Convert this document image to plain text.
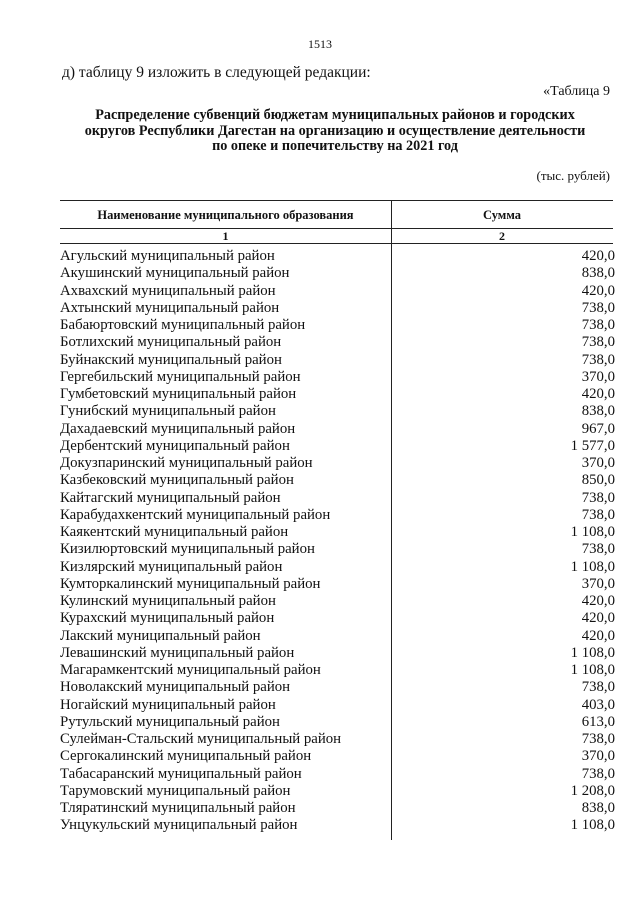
1513
д) таблицу 9 изложить в следующей редакции:
«Таблица 9
Распределение субвенций бюджетам муниципальных районов и городских
округов Республики Дагестан на организацию и осуществление деятельности
по опеке и попечительству на 2021 год
(тыс. рублей)
Наименование муниципального образования	Сумма
1	2
Агульский муниципальный район	420,0
Акушинский муниципальный район	838,0
Ахвахский муниципальный район	420,0
Ахтынский муниципальный район	738,0
Бабаюртовский муниципальный район	738,0
Ботлихский муниципальный район	738,0
Буйнакский муниципальный район	738,0
Гергебильский муниципальный район	370,0
Гумбетовский муниципальный район	420,0
Гунибский муниципальный район	838,0
Дахадаевский муниципальный район	967,0
Дербентский муниципальный район	1 577,0
Докузпаринский муниципальный район	370,0
Казбековский муниципальный район	850,0
Кайтагский муниципальный район	738,0
Карабудахкентский муниципальный район	738,0
Каякентский муниципальный район	1 108,0
Кизилюртовский муниципальный район	738,0
Кизлярский муниципальный район	1 108,0
Кумторкалинский муниципальный район	370,0
Кулинский муниципальный район	420,0
Курахский муниципальный район	420,0
Лакский муниципальный район	420,0
Левашинский муниципальный район	1 108,0
Магарамкентский муниципальный район	1 108,0
Новолакский муниципальный район	738,0
Ногайский муниципальный район	403,0
Рутульский муниципальный район	613,0
Сулейман-Стальский муниципальный район	738,0
Сергокалинский муниципальный район	370,0
Табасаранский муниципальный район	738,0
Тарумовский муниципальный район	1 208,0
Тляратинский муниципальный район	838,0
Унцукульский муниципальный район	1 108,0
